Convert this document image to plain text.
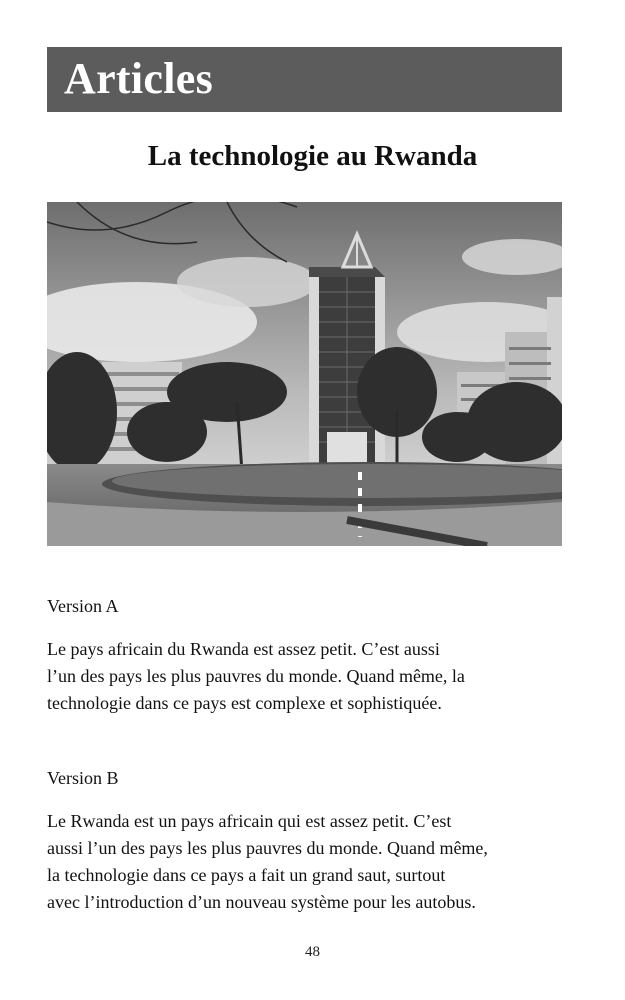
Articles
La technologie au Rwanda

Version A

Le pays africain du Rwanda est assez petit. C’est aussi
l’un des pays les plus pauvres du monde. Quand même, la
technologie dans ce pays est complexe et sophistiquée.

Version B

Le Rwanda est un pays africain qui est assez petit. C’est
aussi l’un des pays les plus pauvres du monde. Quand même,
la technologie dans ce pays a fait un grand saut, surtout
avec l’introduction d’un nouveau système pour les autobus.

48
